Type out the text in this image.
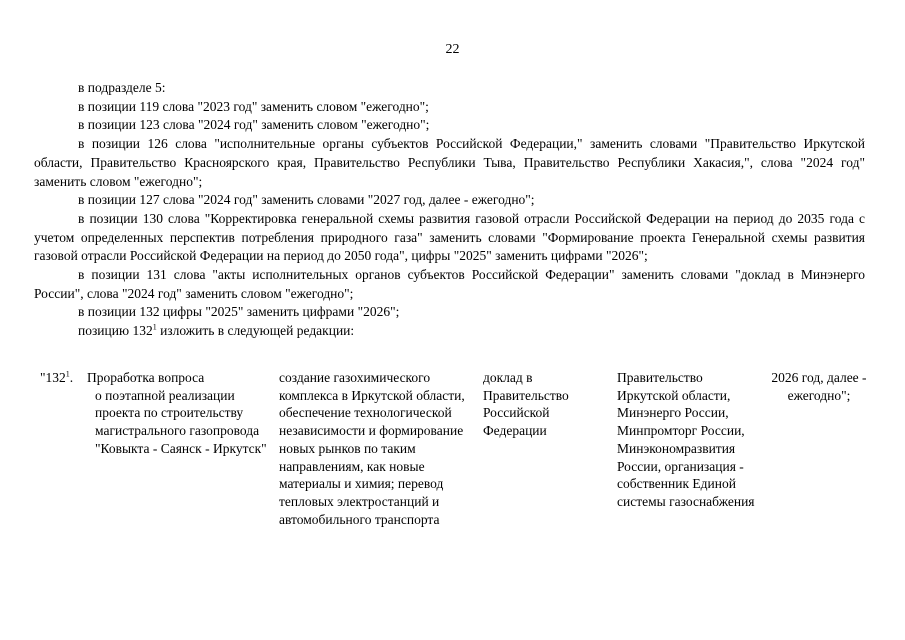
22

в подразделе 5:

в позиции 119 слова "2023 год" заменить словом "ежегодно";

в позиции 123 слова "2024 год" заменить словом "ежегодно";

в позиции 126 слова "исполнительные органы субъектов Российской Федерации," заменить словами "Правительство Иркутской области, Правительство Красноярского края, Правительство Республики Тыва, Правительство Республики Хакасия,", слова "2024 год" заменить словом "ежегодно";

в позиции 127 слова "2024 год" заменить словами "2027 год, далее - ежегодно";

в позиции 130 слова "Корректировка генеральной схемы развития газовой отрасли Российской Федерации на период до 2035 года с учетом определенных перспектив потребления природного газа" заменить словами "Формирование проекта Генеральной схемы развития газовой отрасли Российской Федерации на период до 2050 года", цифры "2025" заменить цифрами "2026";

в позиции 131 слова "акты исполнительных органов субъектов Российской Федерации" заменить словами "доклад в Минэнерго России", слова "2024 год" заменить словом "ежегодно";

в позиции 132 цифры "2025" заменить цифрами "2026";

позицию $132^1$ изложить в следующей редакции:

"$132^1$.	Проработка вопроса
о поэтапной реализации проекта по строительству магистрального газопровода "Ковыкта - Саянск - Иркутск"
создание газохимического комплекса в Иркутской области, обеспечение технологической независимости и формирование новых рынков по таким направлениям, как новые материалы и химия; перевод тепловых электростанций и автомобильного транспорта
доклад в Правительство Российской Федерации
Правительство Иркутской области, Минэнерго России, Минпромторг России, Минэкономразвития России, организация - собственник Единой системы газоснабжения
2026 год, далее - ежегодно";
